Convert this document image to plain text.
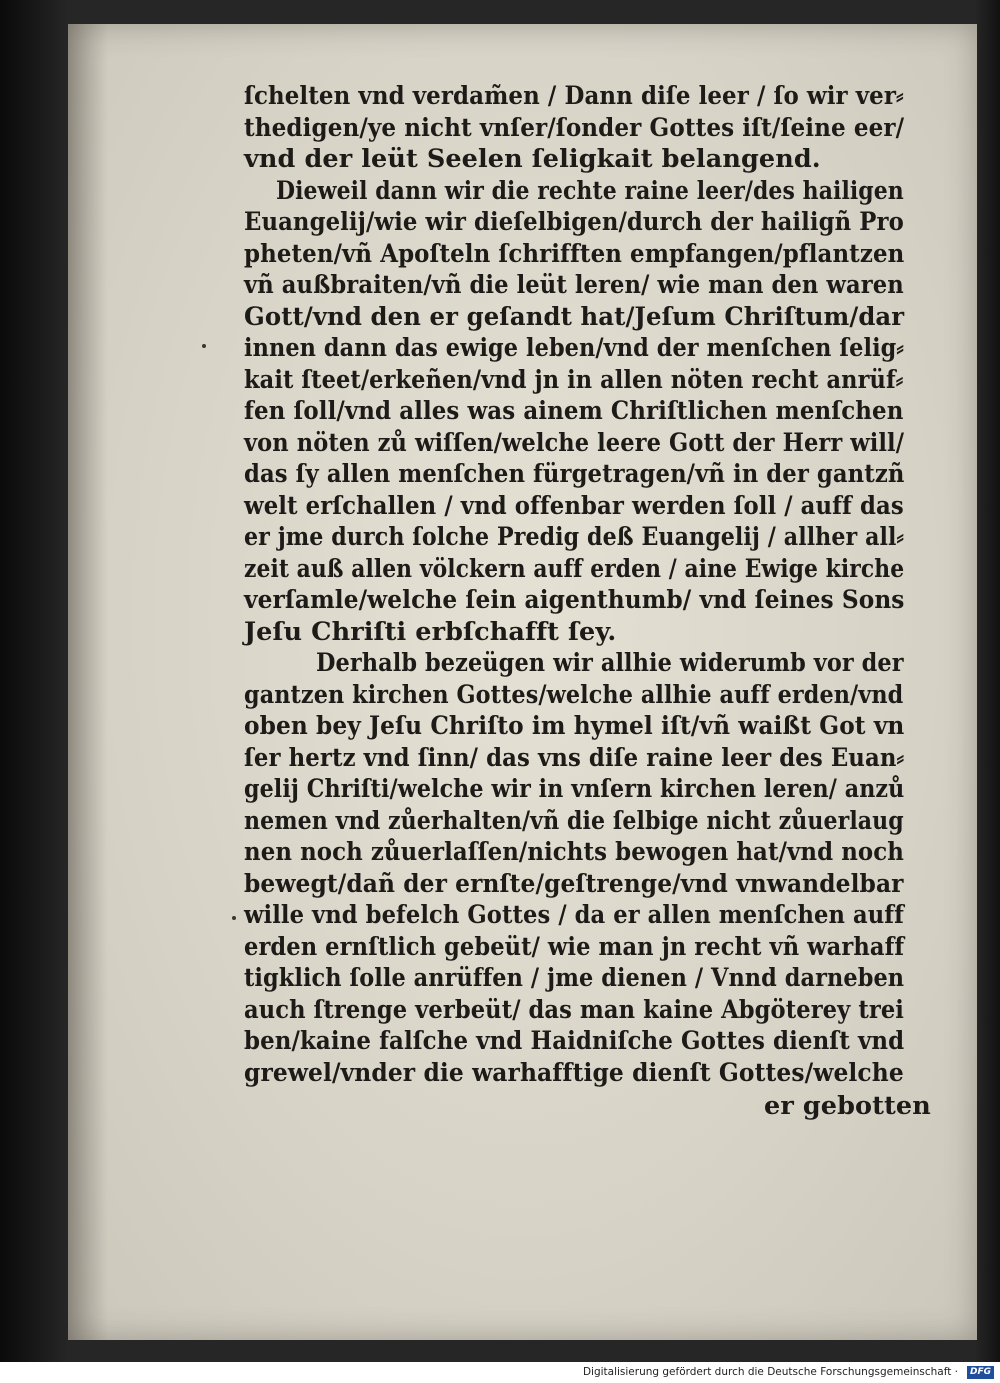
ſchelten vnd verdam̃en / Dann diſe leer / ſo wir ver⸗
thedigen/ye nicht vnſer/ſonder Gottes iſt/ſeine eer/
vnd der leüt Seelen ſeligkait belangend.
Dieweil dann wir die rechte raine leer/des hailigen
Euangelij/wie wir dieſelbigen/durch der hailigñ Pro
pheten/vñ Apoſteln ſchrifften empfangen/pflantzen
vñ außbraiten/vñ die leüt leren/ wie man den waren
Gott/vnd den er geſandt hat/Jeſum Chriſtum/dar
innen dann das ewige leben/vnd der menſchen ſelig⸗
kait ſteet/erkeñen/vnd jn in allen nöten recht anrüf⸗
fen ſoll/vnd alles was ainem Chriſtlichen menſchen
von nöten zů wiſſen/welche leere Gott der Herr will/
das ſy allen menſchen fürgetragen/vñ in der gantzñ
welt erſchallen / vnd offenbar werden ſoll / auff das
er jme durch ſolche Predig deß Euangelij / allher all⸗
zeit auß allen völckern auff erden / aine Ewige kirche
verſamle/welche ſein aigenthumb/ vnd ſeines Sons
Jeſu Chriſti erbſchafft ſey.
Derhalb bezeügen wir allhie widerumb vor der
gantzen kirchen Gottes/welche allhie auff erden/vnd
oben bey Jeſu Chriſto im hymel iſt/vñ waißt Got vn
ſer hertz vnd ſinn/ das vns diſe raine leer des Euan⸗
gelij Chriſti/welche wir in vnſern kirchen leren/ anzů
nemen vnd zůerhalten/vñ die ſelbige nicht zůuerlaug
nen noch zůuerlaſſen/nichts bewogen hat/vnd noch
bewegt/dañ der ernſte/geſtrenge/vnd vnwandelbar
wille vnd befelch Gottes / da er allen menſchen auff
erden ernſtlich gebeüt/ wie man jn recht vñ warhaff
tigklich ſolle anrüffen / jme dienen / Vnnd darneben
auch ſtrenge verbeüt/ das man kaine Abgöterey trei
ben/kaine falſche vnd Haidniſche Gottes dienſt vnd
grewel/vnder die warhafftige dienſt Gottes/welche
er gebotten
Digitalisierung gefördert durch die Deutsche Forschungsgemeinschaft ·	DFG
